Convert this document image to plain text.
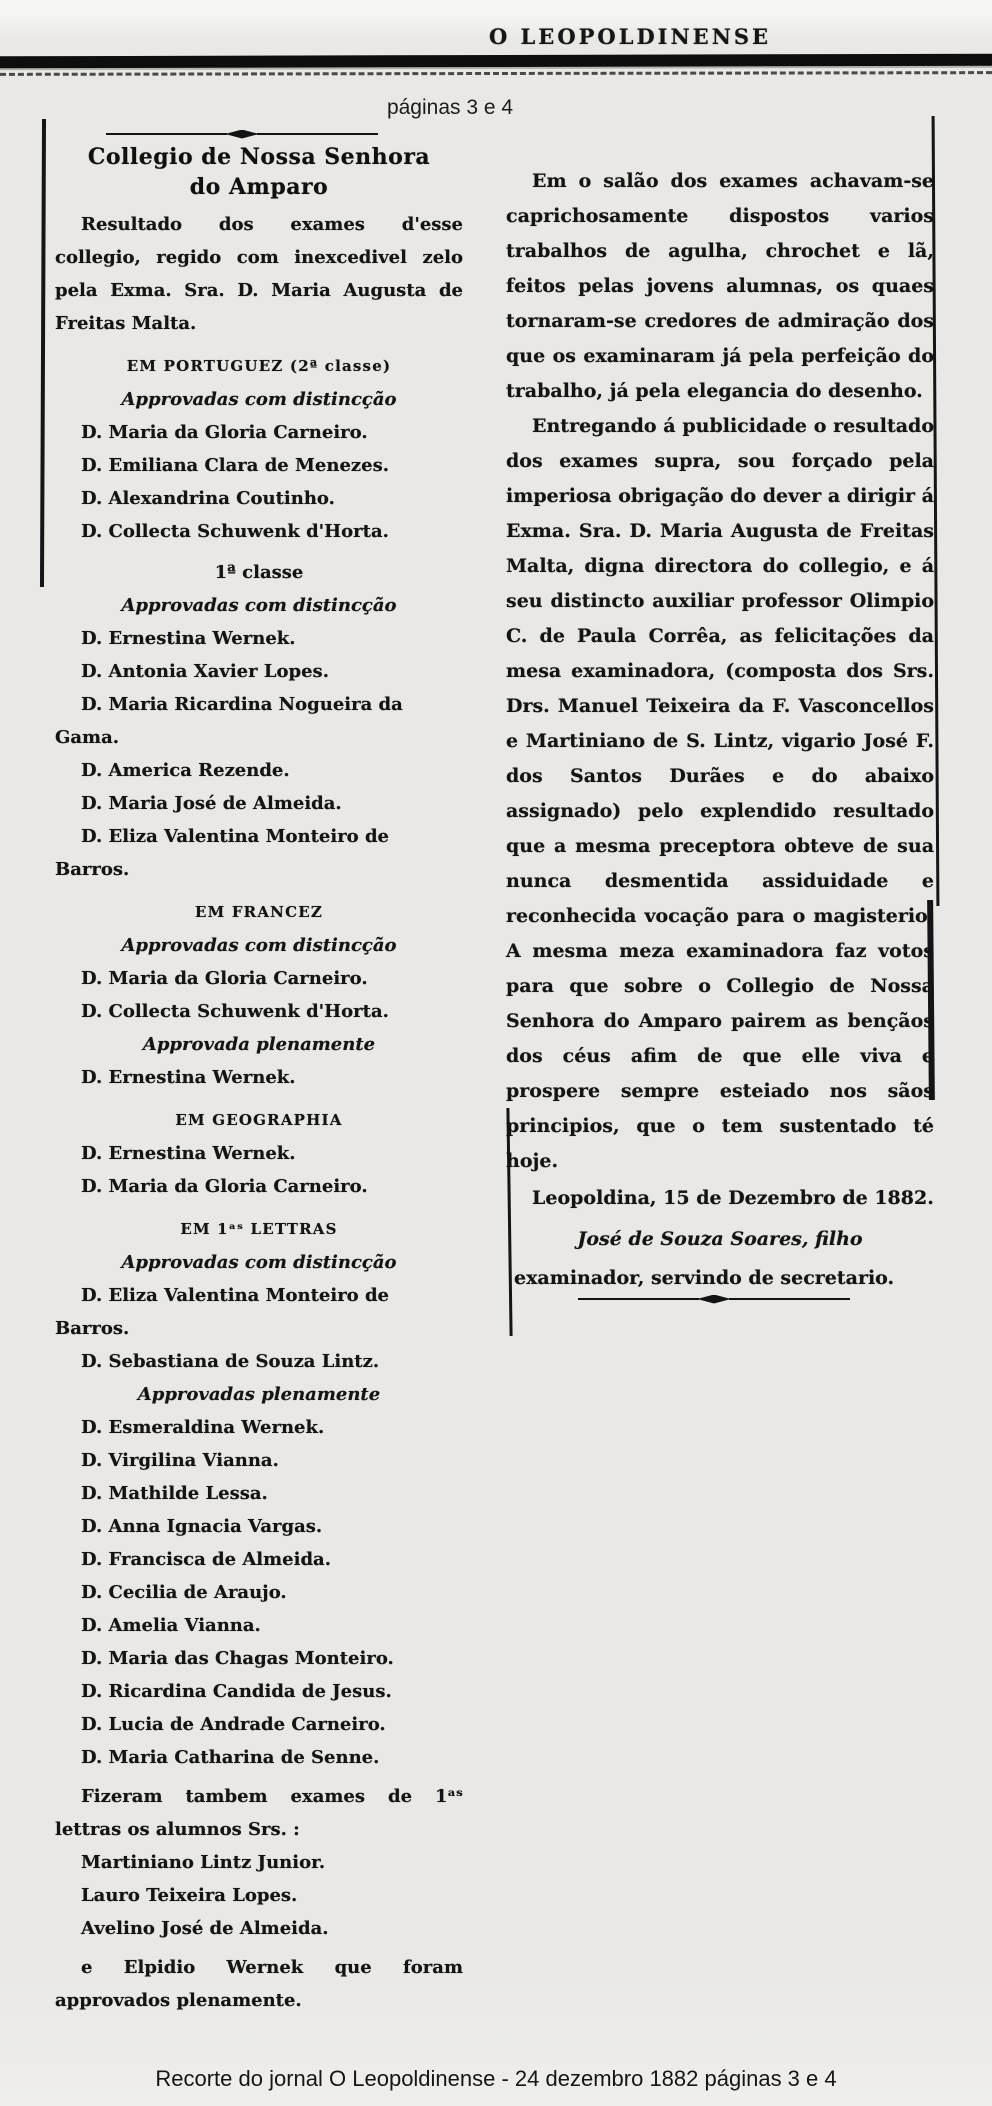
O LEOPOLDINENSE
páginas 3 e 4
Collegio de Nossa Senhora
do Amparo
Resultado dos exames d'esse collegio, regido com inexcedivel zelo pela Exma. Sra. D. Maria Augusta de Freitas Malta.
EM PORTUGUEZ (2ª classe)
Approvadas com distincção
D. Maria da Gloria Carneiro.
D. Emiliana Clara de Menezes.
D. Alexandrina Coutinho.
D. Collecta Schuwenk d'Horta.
1ª classe
Approvadas com distincção
D. Ernestina Wernek.
D. Antonia Xavier Lopes.
D. Maria Ricardina Nogueira da Gama.
D. America Rezende.
D. Maria José de Almeida.
D. Eliza Valentina Monteiro de Barros.
EM FRANCEZ
Approvadas com distincção
D. Maria da Gloria Carneiro.
D. Collecta Schuwenk d'Horta.
Approvada plenamente
D. Ernestina Wernek.
EM GEOGRAPHIA
D. Ernestina Wernek.
D. Maria da Gloria Carneiro.
EM 1ᵃˢ LETTRAS
Approvadas com distincção
D. Eliza Valentina Monteiro de Barros.
D. Sebastiana de Souza Lintz.
Approvadas plenamente
D. Esmeraldina Wernek.
D. Virgilina Vianna.
D. Mathilde Lessa.
D. Anna Ignacia Vargas.
D. Francisca de Almeida.
D. Cecilia de Araujo.
D. Amelia Vianna.
D. Maria das Chagas Monteiro.
D. Ricardina Candida de Jesus.
D. Lucia de Andrade Carneiro.
D. Maria Catharina de Senne.
Fizeram tambem exames de 1ᵃˢ lettras os alumnos Srs. :
Martiniano Lintz Junior.
Lauro Teixeira Lopes.
Avelino José de Almeida.
e Elpidio Wernek que foram approvados plenamente.
Em o salão dos exames achavam-se caprichosamente dispostos varios trabalhos de agulha, chrochet e lã, feitos pelas jovens alumnas, os quaes tornaram-se credores de admiração dos que os examinaram já pela perfeição do trabalho, já pela elegancia do desenho.
Entregando á publicidade o resultado dos exames supra, sou forçado pela imperiosa obrigação do dever a dirigir á Exma. Sra. D. Maria Augusta de Freitas Malta, digna directora do collegio, e á seu distincto auxiliar professor Olimpio C. de Paula Corrêa, as felicitações da mesa examinadora, (composta dos Srs. Drs. Manuel Teixeira da F. Vasconcellos e Martiniano de S. Lintz, vigario José F. dos Santos Durães e do abaixo assignado) pelo explendido resultado que a mesma preceptora obteve de sua nunca desmentida assiduidade e reconhecida vocação para o magisterio. A mesma meza examinadora faz votos para que sobre o Collegio de Nossa Senhora do Amparo pairem as bençãos dos céus afim de que elle viva e prospere sempre esteiado nos sãos principios, que o tem sustentado té hoje.
Leopoldina, 15 de Dezembro de 1882.
José de Souza Soares, filho
examinador, servindo de secretario.
Recorte do jornal O Leopoldinense - 24 dezembro 1882 páginas 3 e 4
